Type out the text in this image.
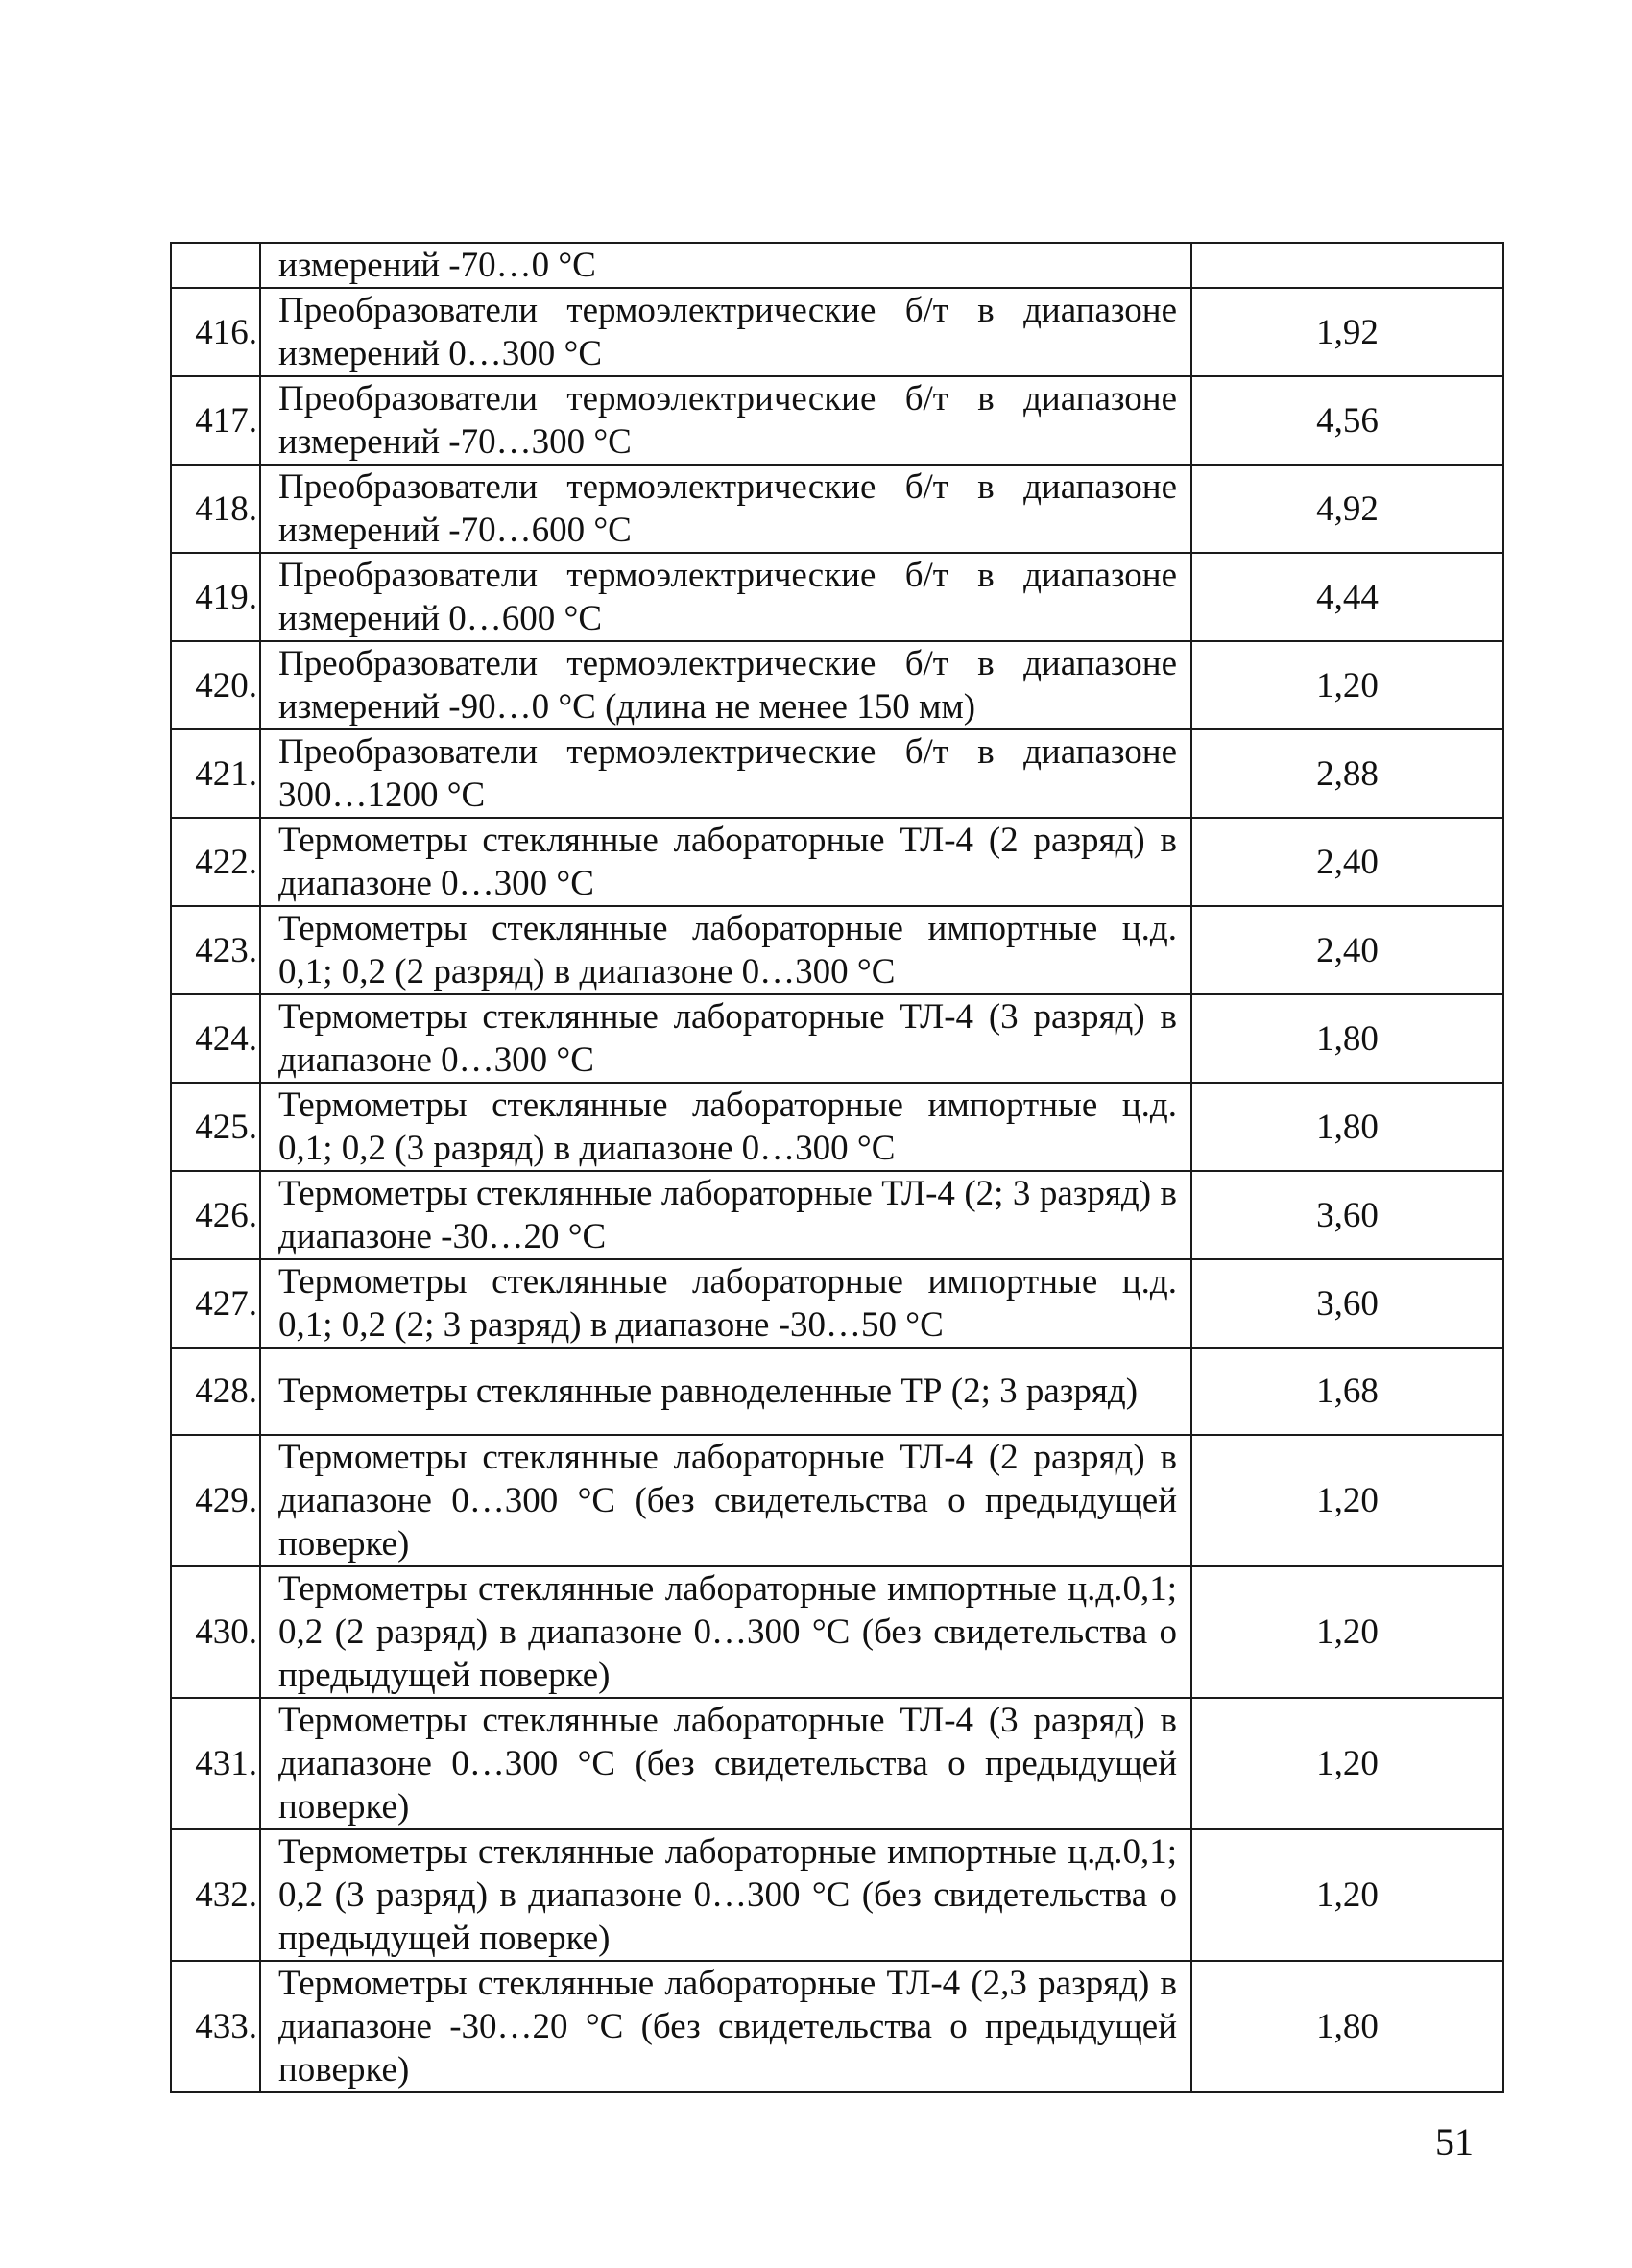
	измерений -70…0 °С	

416.	Преобразователи термоэлектрические б/т в диапазоне измерений 0…300 °С	1,92
417.	Преобразователи термоэлектрические б/т в диапазоне измерений -70…300 °С	4,56
418.	Преобразователи термоэлектрические б/т в диапазоне измерений -70…600 °С	4,92
419.	Преобразователи термоэлектрические б/т в диапазоне измерений 0…600 °С	4,44
420.	Преобразователи термоэлектрические б/т в диапазоне измерений -90…0 °С (длина не менее 150 мм)	1,20
421.	Преобразователи термоэлектрические б/т в диапазоне 300…1200 °С	2,88
422.	Термометры стеклянные лабораторные ТЛ-4 (2 разряд) в диапазоне 0…300 °С	2,40
423.	Термометры стеклянные лабораторные импортные ц.д. 0,1; 0,2 (2 разряд) в диапазоне 0…300 °С	2,40
424.	Термометры стеклянные лабораторные ТЛ-4 (3 разряд) в диапазоне 0…300 °С	1,80
425.	Термометры стеклянные лабораторные импортные ц.д. 0,1; 0,2 (3 разряд) в диапазоне 0…300 °С	1,80
426.	Термометры стеклянные лабораторные ТЛ-4 (2; 3 разряд) в диапазоне -30…20 °С	3,60
427.	Термометры стеклянные лабораторные импортные ц.д. 0,1; 0,2 (2; 3 разряд) в диапазоне -30…50 °С	3,60
428.	Термометры стеклянные равноделенные ТР (2; 3 разряд)	1,68
429.	Термометры стеклянные лабораторные ТЛ-4 (2 разряд) в диапазоне 0…300 °С (без свидетельства о предыдущей поверке)	1,20
430.	Термометры стеклянные лабораторные импортные ц.д.0,1; 0,2 (2 разряд) в диапазоне 0…300 °С (без свидетельства о предыдущей поверке)	1,20
431.	Термометры стеклянные лабораторные ТЛ-4 (3 разряд) в диапазоне 0…300 °С (без свидетельства о предыдущей поверке)	1,20
432.	Термометры стеклянные лабораторные импортные ц.д.0,1; 0,2 (3 разряд) в диапазоне 0…300 °С (без свидетельства о предыдущей поверке)	1,20
433.	Термометры стеклянные лабораторные ТЛ-4 (2,3 разряд) в диапазоне -30…20 °С (без свидетельства о предыдущей поверке)	1,80
51
